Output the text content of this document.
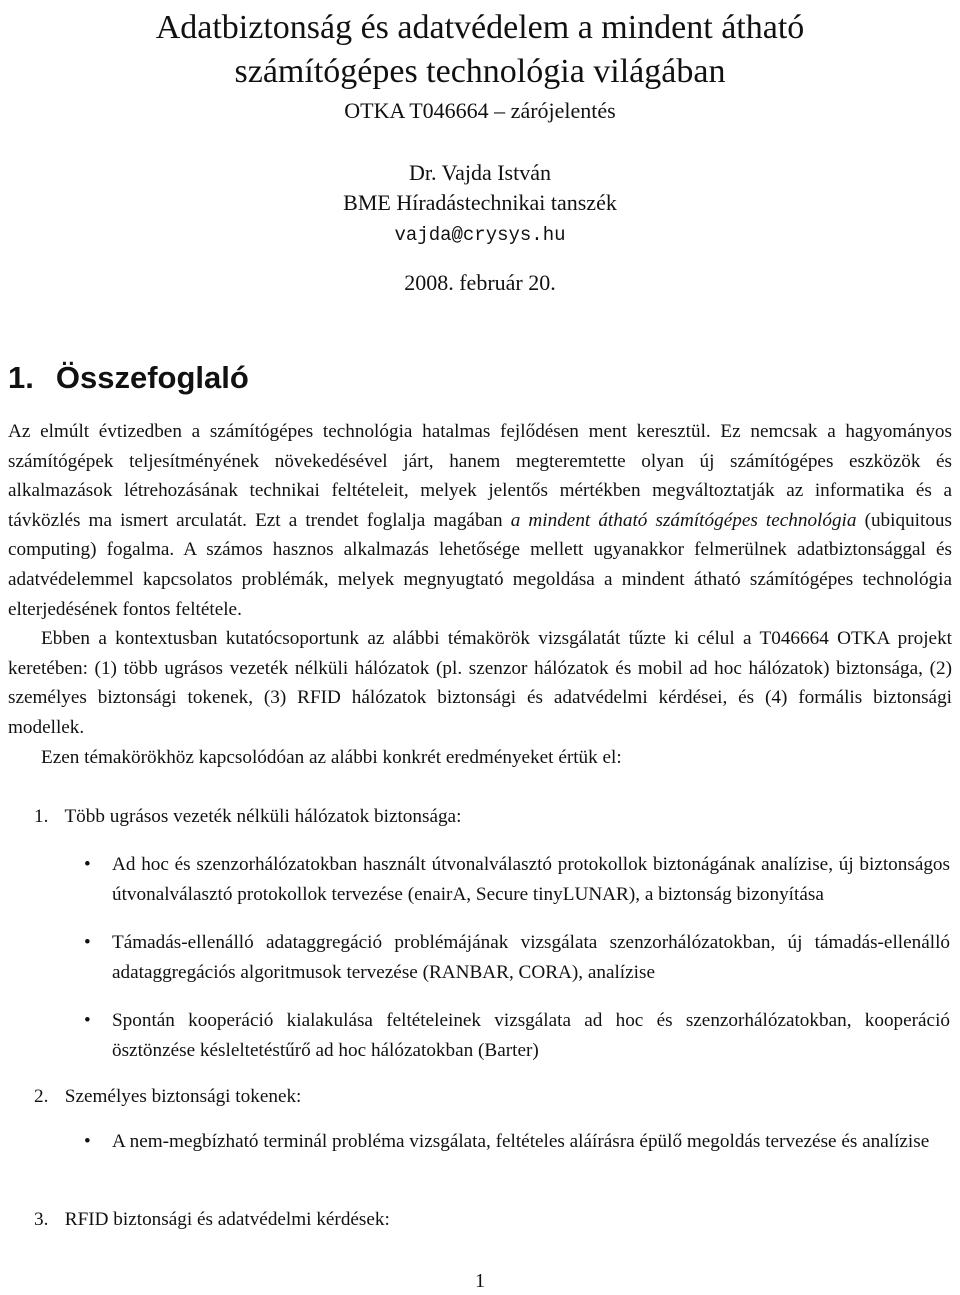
Adatbiztonság és adatvédelem a mindent átható
számítógépes technológia világában
OTKA T046664 – zárójelentés
Dr. Vajda István
BME Híradástechnikai tanszék
vajda@crysys.hu
2008. február 20.
1. Összefoglaló

Az elmúlt évtizedben a számítógépes technológia hatalmas fejlődésen ment keresztül. Ez nemcsak a hagyományos számítógépek teljesítményének növekedésével járt, hanem megteremtette olyan új számítógépes eszközök és alkalmazások létrehozásának technikai feltételeit, melyek jelentős mértékben megváltoztatják az informatika és a távközlés ma ismert arculatát. Ezt a trendet foglalja magában a mindent átható számítógépes technológia (ubiquitous computing) fogalma. A számos hasznos alkalmazás lehetősége mellett ugyanakkor felmerülnek adatbiztonsággal és adatvédelemmel kapcsolatos problémák, melyek megnyugtató megoldása a mindent átható számítógépes technológia elterjedésének fontos feltétele.

Ebben a kontextusban kutatócsoportunk az alábbi témakörök vizsgálatát tűzte ki célul a T046664 OTKA projekt keretében: (1) több ugrásos vezeték nélküli hálózatok (pl. szenzor hálózatok és mobil ad hoc hálózatok) biztonsága, (2) személyes biztonsági tokenek, (3) RFID hálózatok biztonsági és adatvédelmi kérdései, és (4) formális biztonsági modellek.

Ezen témakörökhöz kapcsolódóan az alábbi konkrét eredményeket értük el:

1. Több ugrásos vezeték nélküli hálózatok biztonsága:
• Ad hoc és szenzorhálózatokban használt útvonalválasztó protokollok biztonágának analízise, új biztonságos útvonalválasztó protokollok tervezése (enairA, Secure tinyLUNAR), a biztonság bizonyítása
• Támadás-ellenálló adataggregáció problémájának vizsgálata szenzorhálózatokban, új támadás-ellenálló adataggregációs algoritmusok tervezése (RANBAR, CORA), analízise
• Spontán kooperáció kialakulása feltételeinek vizsgálata ad hoc és szenzorhálózatokban, kooperáció ösztönzése késleltetéstűrő ad hoc hálózatokban (Barter)
2. Személyes biztonsági tokenek:
• A nem-megbízható terminál probléma vizsgálata, feltételes aláírásra épülő megoldás tervezése és analízise
3. RFID biztonsági és adatvédelmi kérdések:
1
